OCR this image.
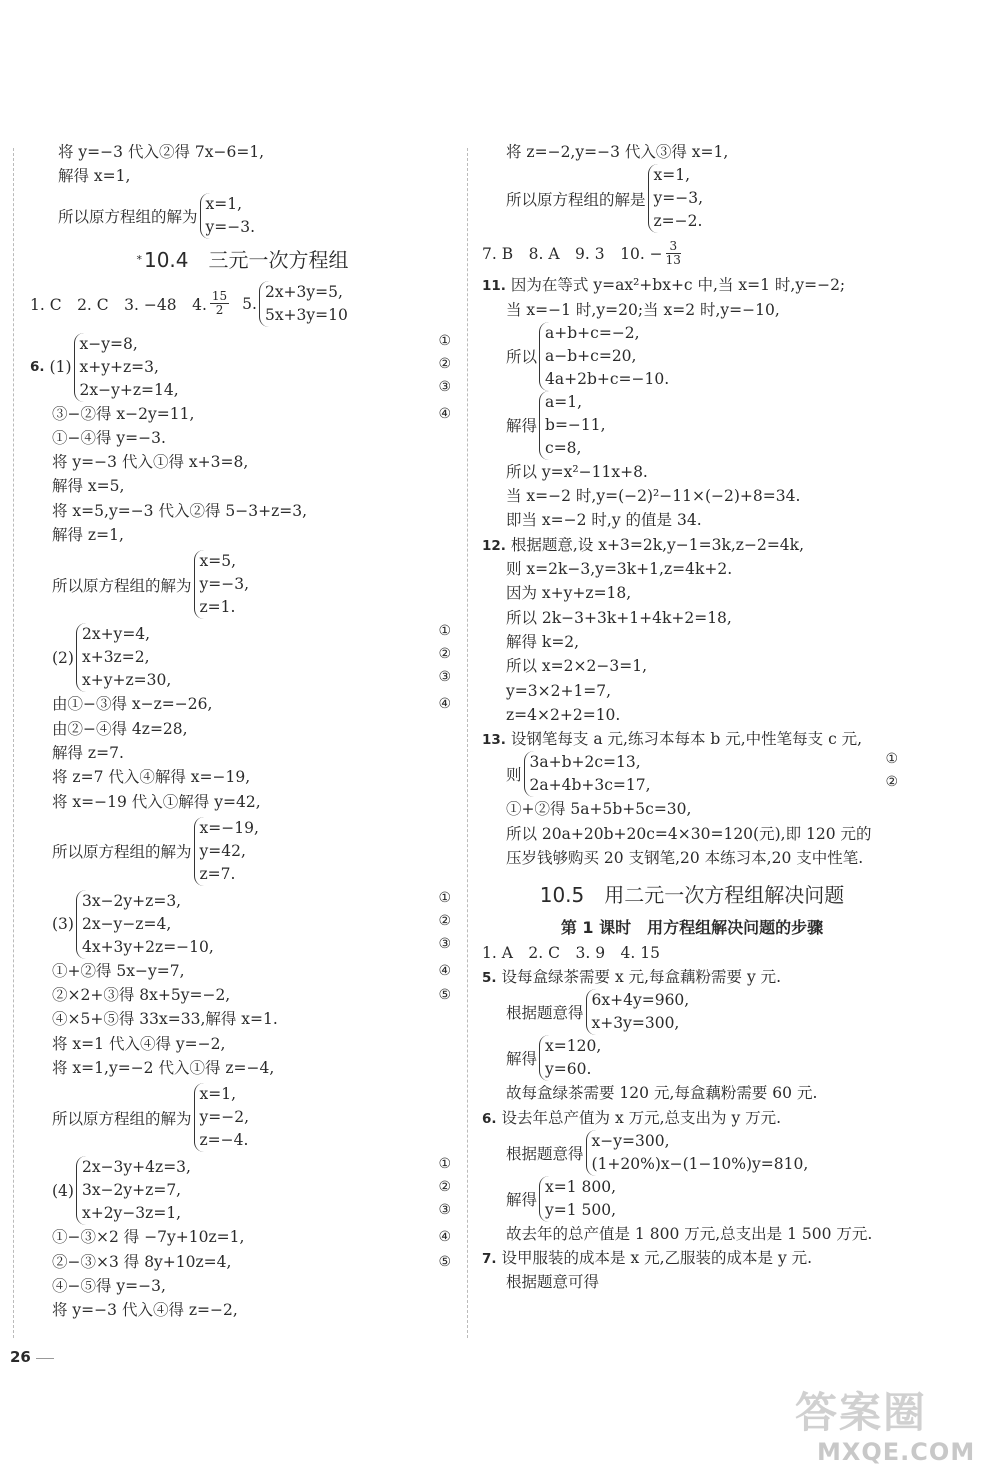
将 y=−3 代入②得 7x−6=1,
解得 x=1,
所以原方程组的解为
x=1,
y=−3.
* 10.4　三元一次方程组
1. C　2. C　3. −48　4. $\frac{15}{2} 5$.
2x+3y=5,
5x+3y=10
6. (1)
x−y=8,
x+y+z=3,
2x−y+z=14,
①
②
③
③−②得 x−2y=11,	④
①−④得 y=−3.
将 y=−3 代入①得 x+3=8,
解得 x=5,
将 x=5,y=−3 代入②得 5−3+z=3,
解得 z=1,
所以原方程组的解为
x=5,
y=−3,
z=1.
(2)
2x+y=4,
x+3z=2,
x+y+z=30,
①
②
③
由①−③得 x−z=−26,	④
由②−④得 4z=28,
解得 z=7.
将 z=7 代入④解得 x=−19,
将 x=−19 代入①解得 y=42,
所以原方程组的解为
x=−19,
y=42,
z=7.
(3)
3x−2y+z=3,
2x−y−z=4,
4x+3y+2z=−10,
①
②
③
①+②得 5x−y=7,	④
②×2+③得 8x+5y=−2,	⑤
④×5+⑤得 33x=33,解得 x=1.
将 x=1 代入④得 y=−2,
将 x=1,y=−2 代入①得 z=−4,
所以原方程组的解为
x=1,
y=−2,
z=−4.
(4)
2x−3y+4z=3,
3x−2y+z=7,
x+2y−3z=1,
①
②
③
①−③×2 得 −7y+10z=1,	④
②−③×3 得 8y+10z=4,	⑤
④−⑤得 y=−3,
将 y=−3 代入④得 z=−2,
将 z=−2,y=−3 代入③得 x=1,
所以原方程组的解是
x=1,
y=−3,
z=−2.
7. B　8. A　9. 3　10. − $\frac{3}{13}$
11. 因为在等式 y=ax²+bx+c 中,当 x=1 时,y=−2;
当 x=−1 时,y=20;当 x=2 时,y=−10,
所以
a+b+c=−2,
a−b+c=20,
4a+2b+c=−10.
解得
a=1,
b=−11,
c=8,
所以 y=x²−11x+8.
当 x=−2 时,y=(−2)²−11×(−2)+8=34.
即当 x=−2 时,y 的值是 34.
12. 根据题意,设 x+3=2k,y−1=3k,z−2=4k,
则 x=2k−3,y=3k+1,z=4k+2.
因为 x+y+z=18,
所以 2k−3+3k+1+4k+2=18,
解得 k=2,
所以 x=2×2−3=1,
y=3×2+1=7,
z=4×2+2=10.
13. 设钢笔每支 a 元,练习本每本 b 元,中性笔每支 c 元,
则
3a+b+2c=13,
2a+4b+3c=17,
①
②
①+②得 5a+5b+5c=30,
所以 20a+20b+20c=4×30=120(元),即 120 元的
压岁钱够购买 20 支钢笔,20 本练习本,20 支中性笔.
10.5　用二元一次方程组解决问题
第 1 课时　用方程组解决问题的步骤
1. A　2. C　3. 9　4. 15
5. 设每盒绿茶需要 x 元,每盒藕粉需要 y 元.
根据题意得
6x+4y=960,
x+3y=300,
解得
x=120,
y=60.
故每盒绿茶需要 120 元,每盒藕粉需要 60 元.
6. 设去年总产值为 x 万元,总支出为 y 万元.
根据题意得
x−y=300,
(1+20%)x−(1−10%)y=810,
解得
x=1 800,
y=1 500,
故去年的总产值是 1 800 万元,总支出是 1 500 万元.
7. 设甲服装的成本是 x 元,乙服装的成本是 y 元.
根据题意可得
26
答案圈
MXQE.COM
